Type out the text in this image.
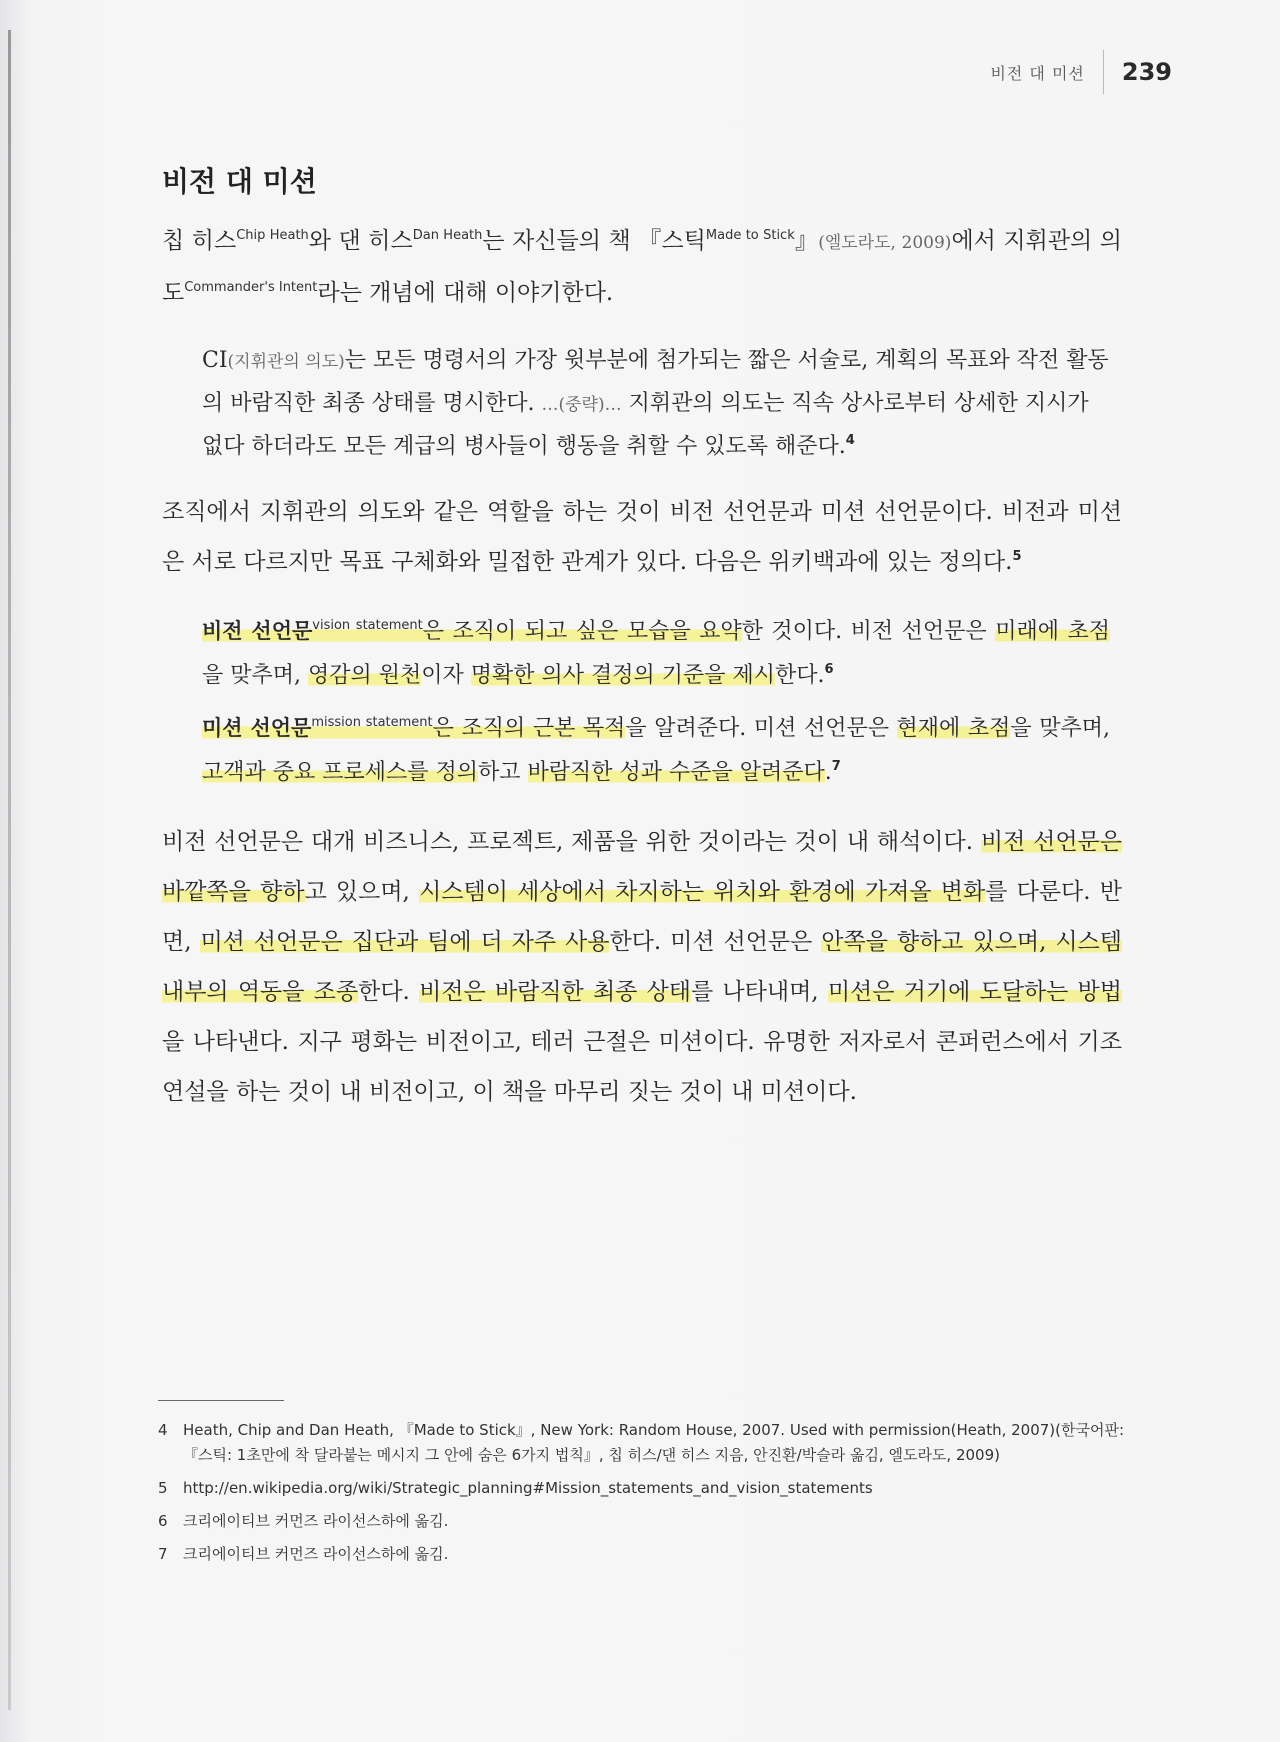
비전 대 미션	239
비전 대 미션

칩 히스$^{Chip Heath}$와 댄 히스$^{Dan Heath}$는 자신들의 책 『스틱$^{Made to Stick}$』(엘도라도, 2009)에서 지휘관의 의도$^{Commander's Intent}$라는 개념에 대해 이야기한다.

CI(지휘관의 의도)는 모든 명령서의 가장 윗부분에 첨가되는 짧은 서술로, 계획의 목표와 작전 활동의 바람직한 최종 상태를 명시한다. …(중략)… 지휘관의 의도는 직속 상사로부터 상세한 지시가 없다 하더라도 모든 계급의 병사들이 행동을 취할 수 있도록 해준다.$^4$

조직에서 지휘관의 의도와 같은 역할을 하는 것이 비전 선언문과 미션 선언문이다. 비전과 미션은 서로 다르지만 목표 구체화와 밀접한 관계가 있다. 다음은 위키백과에 있는 정의다.$^5$

비전 선언문$^{vision statement}$은 조직이 되고 싶은 모습을 요약한 것이다. 비전 선언문은 미래에 초점을 맞추며, 영감의 원천이자 명확한 의사 결정의 기준을 제시한다.$^6$

미션 선언문$^{mission statement}$은 조직의 근본 목적을 알려준다. 미션 선언문은 현재에 초점을 맞추며, 고객과 중요 프로세스를 정의하고 바람직한 성과 수준을 알려준다.$^7$

비전 선언문은 대개 비즈니스, 프로젝트, 제품을 위한 것이라는 것이 내 해석이다. 비전 선언문은 바깥쪽을 향하고 있으며, 시스템이 세상에서 차지하는 위치와 환경에 가져올 변화를 다룬다. 반면, 미션 선언문은 집단과 팀에 더 자주 사용한다. 미션 선언문은 안쪽을 향하고 있으며, 시스템 내부의 역동을 조종한다. 비전은 바람직한 최종 상태를 나타내며, 미션은 거기에 도달하는 방법을 나타낸다. 지구 평화는 비전이고, 테러 근절은 미션이다. 유명한 저자로서 콘퍼런스에서 기조 연설을 하는 것이 내 비전이고, 이 책을 마무리 짓는 것이 내 미션이다.

4	Heath, Chip and Dan Heath, 『Made to Stick』, New York: Random House, 2007. Used with permission(Heath, 2007)(한국어판: 『스틱: 1초만에 착 달라붙는 메시지 그 안에 숨은 6가지 법칙』, 칩 히스/댄 히스 지음, 안진환/박슬라 옮김, 엘도라도, 2009)
5	http://en.wikipedia.org/wiki/Strategic_planning#Mission_statements_and_vision_statements
6	크리에이티브 커먼즈 라이선스하에 옮김.
7	크리에이티브 커먼즈 라이선스하에 옮김.
